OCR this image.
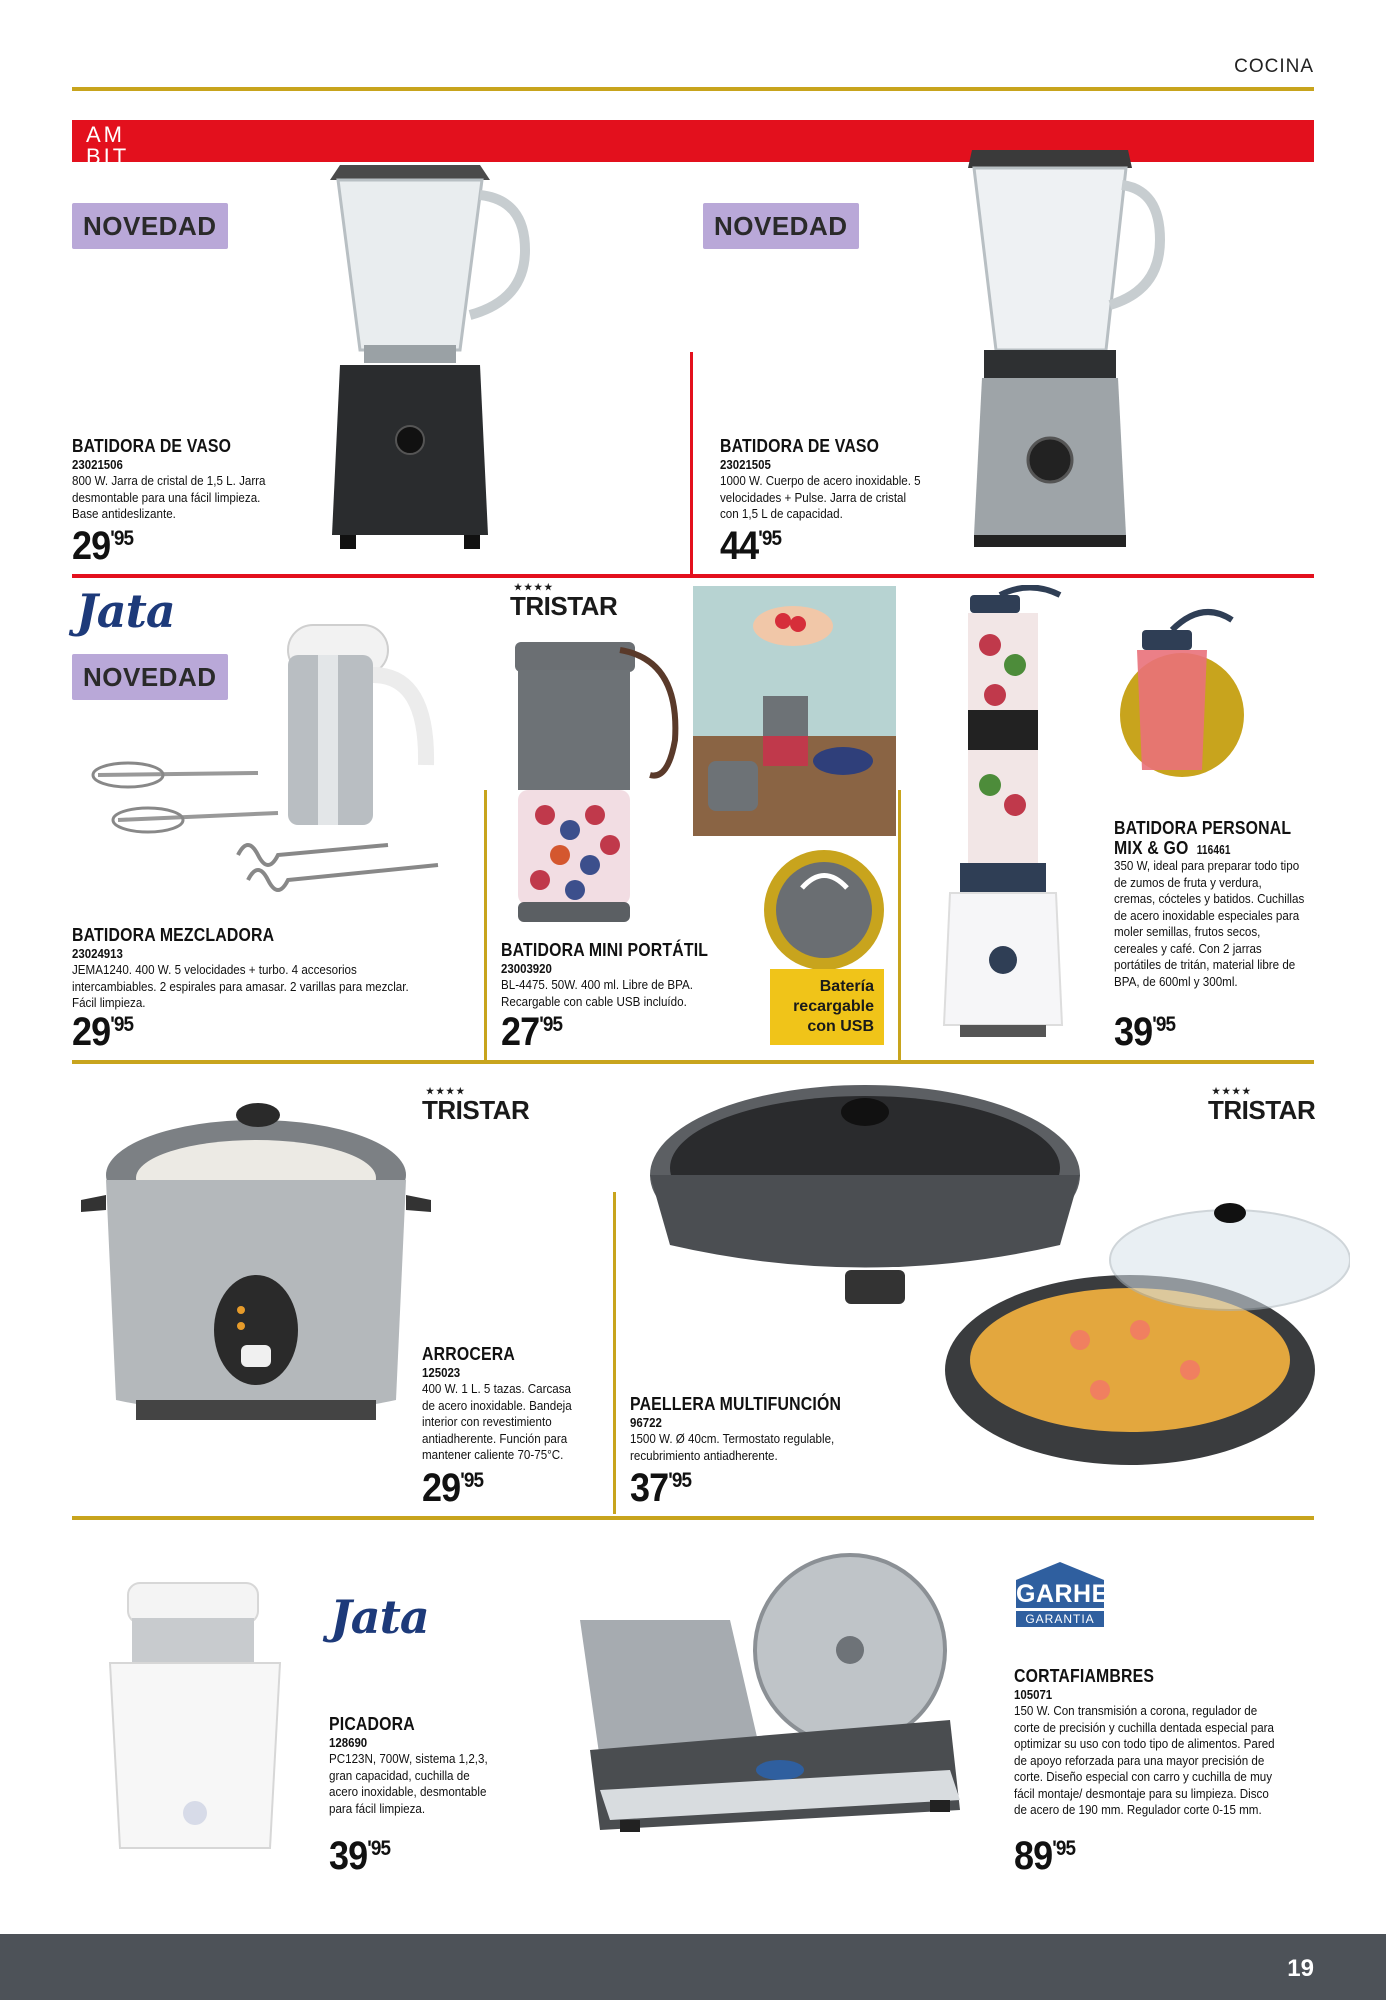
COCINA
AM
BIT
NOVEDAD	NOVEDAD
BATIDORA DE VASO
23021506
800 W. Jarra de cristal de 1,5 L. Jarra desmontable para una fácil limpieza. Base antideslizante.
29'95
BATIDORA DE VASO
23021505
1000 W. Cuerpo de acero inoxidable. 5 velocidades + Pulse. Jarra de cristal con 1,5 L de capacidad.
44'95
Jata
NOVEDAD
BATIDORA MEZCLADORA
23024913
JEMA1240. 400 W. 5 velocidades + turbo. 4 accesorios intercambiables. 2 espirales para amasar. 2 varillas para mezclar. Fácil limpieza.
29'95
★★★★
TRISTAR
Batería
recargable
con USB
BATIDORA MINI PORTÁTIL
23003920
BL-4475. 50W. 400 ml. Libre de BPA. Recargable con cable USB incluído.
27'95
BATIDORA PERSONAL
MIX & GO 116461
350 W, ideal para preparar todo tipo de zumos de fruta y verdura, cremas, cócteles y batidos. Cuchillas de acero inoxidable especiales para moler semillas, frutos secos, cereales y café. Con 2 jarras portátiles de tritán, material libre de BPA, de 600ml y 300ml.
39'95
★★★★
TRISTAR
ARROCERA
125023
400 W. 1 L. 5 tazas. Carcasa de acero inoxidable. Bandeja interior con revestimiento antiadherente. Función para mantener caliente 70-75°C.
29'95
★★★★
TRISTAR
PAELLERA MULTIFUNCIÓN
96722
1500 W. Ø 40cm. Termostato regulable, recubrimiento antiadherente.
37'95
Jata
PICADORA
128690
PC123N, 700W, sistema 1,2,3, gran capacidad, cuchilla de acero inoxidable, desmontable para fácil limpieza.
39'95
GARHE
GARANTIA
CORTAFIAMBRES
105071
150 W. Con transmisión a corona, regulador de corte de precisión y cuchilla dentada especial para optimizar su uso con todo tipo de alimentos. Pared de apoyo reforzada para una mayor precisión de corte. Diseño especial con carro y cuchilla de muy fácil montaje/ desmontaje para su limpieza. Disco de acero de 190 mm. Regulador corte 0-15 mm.
89'95
19
